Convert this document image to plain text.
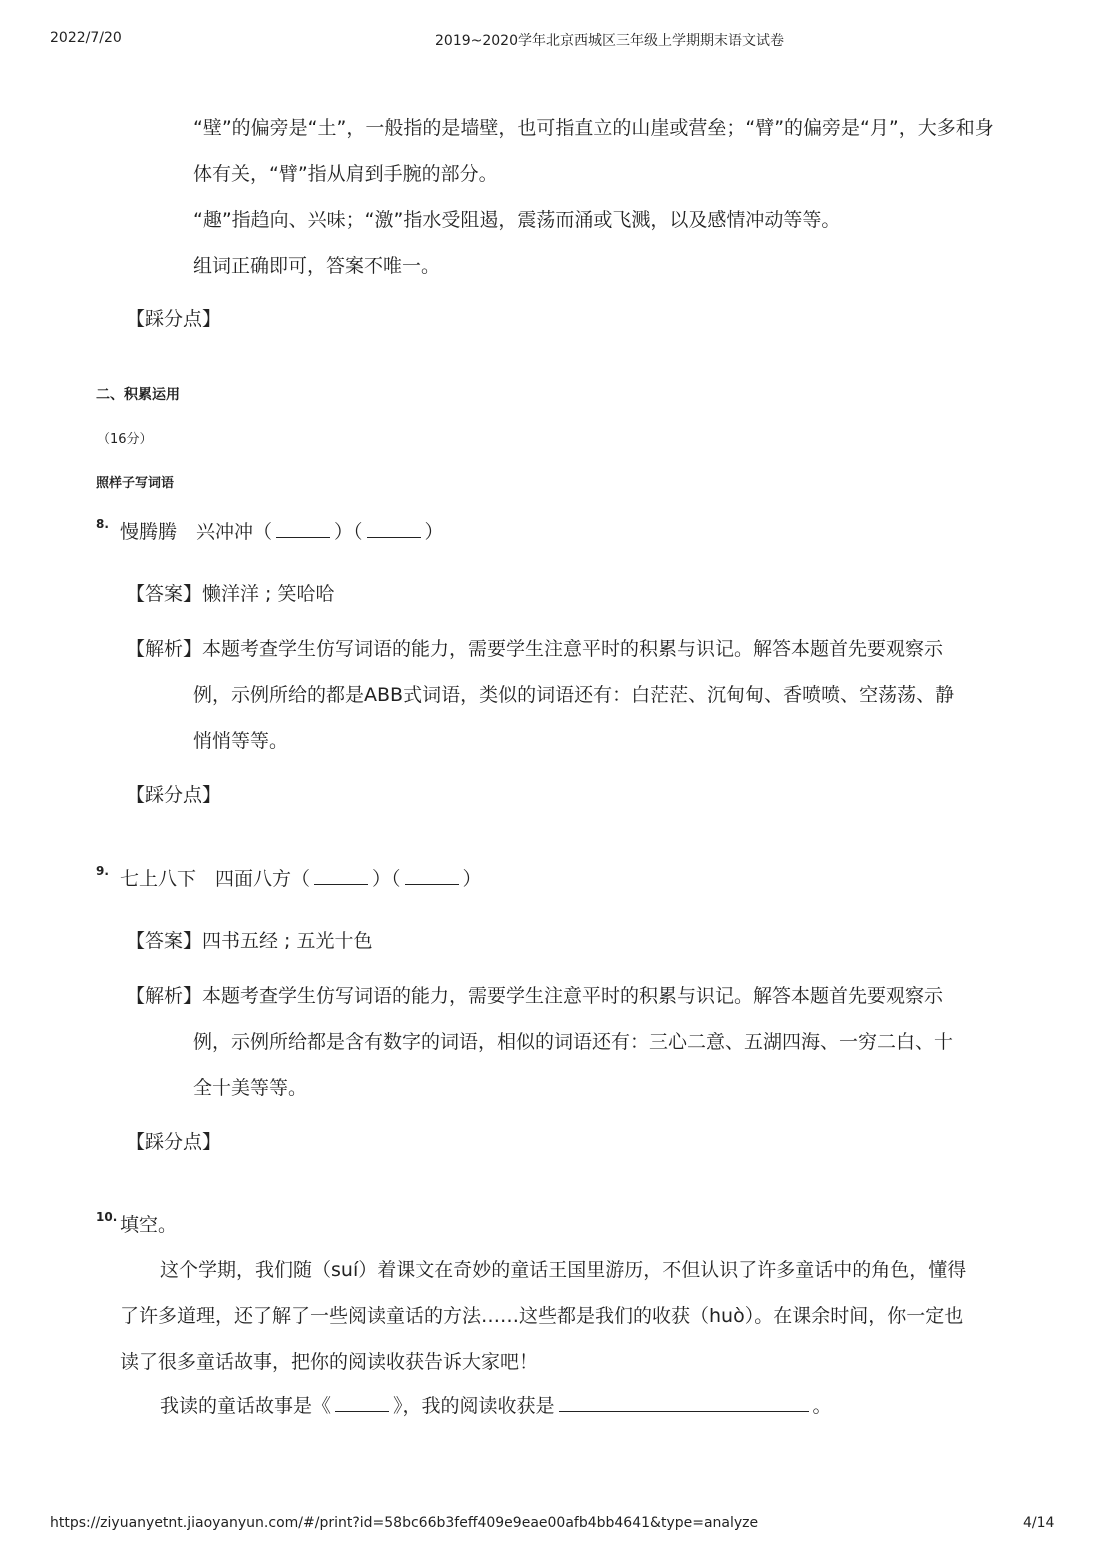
2022/7/20	2019~2020学年北京西城区三年级上学期期末语文试卷
“壁”的偏旁是“土”，一般指的是墙壁，也可指直立的山崖或营垒；“臂”的偏旁是“月”，大多和身
体有关，“臂”指从肩到手腕的部分。
“趣”指趋向、兴味；“激”指水受阻遏，震荡而涌或飞溅，以及感情冲动等等。
组词正确即可，答案不唯一。
【踩分点】
二、积累运用
（16分）
照样子写词语
8. 慢腾腾　兴冲冲（	）（	）
【答案】懒洋洋 ; 笑哈哈
【解析】本题考查学生仿写词语的能力，需要学生注意平时的积累与识记。解答本题首先要观察示
例，示例所给的都是ABB式词语，类似的词语还有：白茫茫、沉甸甸、香喷喷、空荡荡、静
悄悄等等。
【踩分点】
9. 七上八下　四面八方（	）（	）
【答案】四书五经 ; 五光十色
【解析】本题考查学生仿写词语的能力，需要学生注意平时的积累与识记。解答本题首先要观察示
例，示例所给都是含有数字的词语，相似的词语还有：三心二意、五湖四海、一穷二白、十
全十美等等。
【踩分点】
10. 填空。
这个学期，我们随（suí）着课文在奇妙的童话王国里游历，不但认识了许多童话中的角色，懂得
了许多道理，还了解了一些阅读童话的方法……这些都是我们的收获（huò）。在课余时间，你一定也
读了很多童话故事，把你的阅读收获告诉大家吧！
我读的童话故事是《	》，我的阅读收获是	。
https://ziyuanyetnt.jiaoyanyun.com/#/print?id=58bc66b3feff409e9eae00afb4bb4641&type=analyze	4/14
